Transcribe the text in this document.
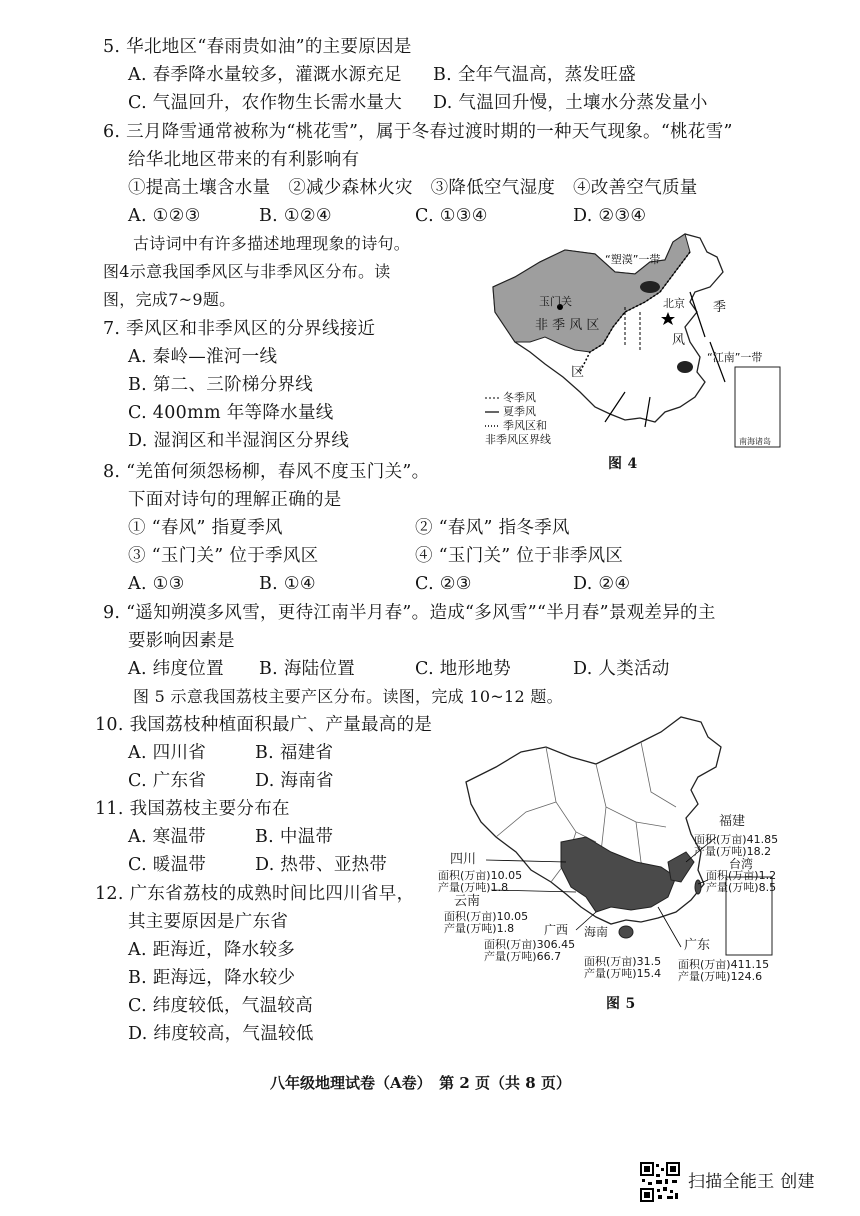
5. 华北地区“春雨贵如油”的主要原因是
A. 春季降水量较多，灌溉水源充足 B. 全年气温高，蒸发旺盛
C. 气温回升，农作物生长需水量大 D. 气温回升慢，土壤水分蒸发量小
6. 三月降雪通常被称为“桃花雪”，属于冬春过渡时期的一种天气现象。“桃花雪”
给华北地区带来的有利影响有
①提高土壤含水量　②减少森林火灾　③降低空气湿度　④改善空气质量
A. ①②③	B. ①②④	C. ①③④	D. ②③④
古诗词中有许多描述地理现象的诗句。
图4示意我国季风区与非季风区分布。读
图，完成7~9题。
7. 季风区和非季风区的分界线接近
A. 秦岭—淮河一线
B. 第二、三阶梯分界线
C. 400mm 年等降水量线
D. 湿润区和半湿润区分界线
“塑漠”一带
玉门关	北京
非 季 风 区
季
风
区
“江南”一带
冬季风
夏季风
季风区和
非季风区界线	南海诸岛
图 4
8. “羌笛何须怨杨柳，春风不度玉门关”。
下面对诗句的理解正确的是
① “春风” 指夏季风	② “春风” 指冬季风
③ “玉门关” 位于季风区	④ “玉门关” 位于非季风区
A. ①③	B. ①④	C. ②③	D. ②④
9. “遥知朔漠多风雪，更待江南半月春”。造成“多风雪”“半月春”景观差异的主
要影响因素是
A. 纬度位置 B. 海陆位置	C. 地形地势	D. 人类活动
图 5 示意我国荔枝主要产区分布。读图，完成 10~12 题。
10. 我国荔枝种植面积最广、产量最高的是
A. 四川省	B. 福建省
C. 广东省	D. 海南省
11. 我国荔枝主要分布在
A. 寒温带	B. 中温带
C. 暖温带	D. 热带、亚热带
12. 广东省荔枝的成熟时间比四川省早，
其主要原因是广东省
A. 距海近，降水较多
B. 距海远，降水较少
C. 纬度较低，气温较高
D. 纬度较高，气温较低
福建
面积(万亩)41.85
产量(万吨)18.2
台湾
面积(万亩)1.2
产量(万吨)8.5
四川
面积(万亩)10.05
产量(万吨)1.8
云南
面积(万亩)10.05
产量(万吨)1.8 广西
面积(万亩)306.45
产量(万吨)66.7
海南
面积(万亩)31.5
产量(万吨)15.4
广东
面积(万亩)411.15
产量(万吨)124.6
图 5
八年级地理试卷（A卷）　第 2 页（共 8 页）
扫描全能王 创建
